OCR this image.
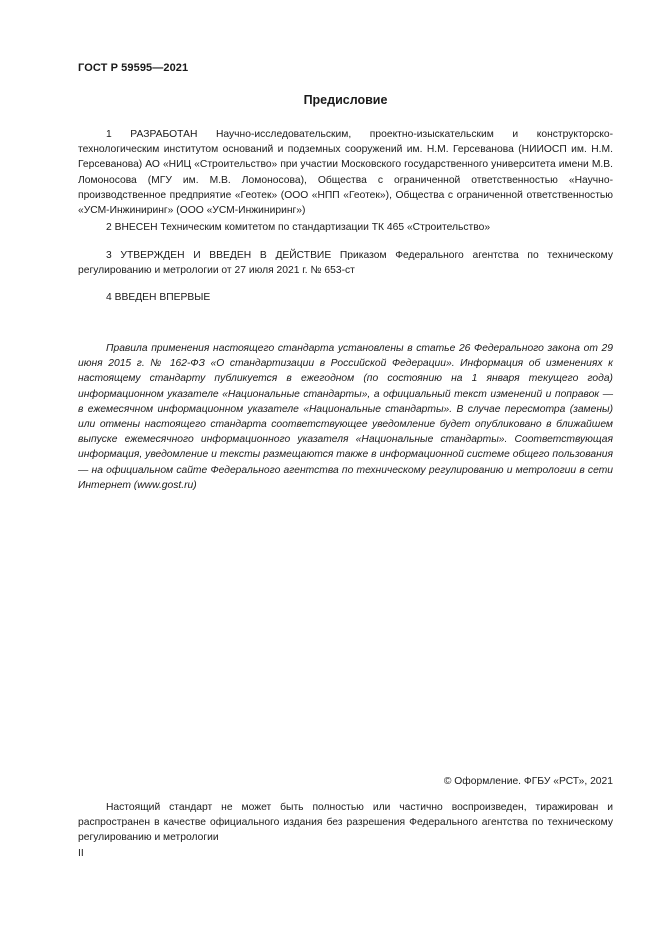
ГОСТ Р 59595—2021
Предисловие

1 РАЗРАБОТАН Научно-исследовательским, проектно-изыскательским и конструкторско-технологическим институтом оснований и подземных сооружений им. Н.М. Герсеванова (НИИОСП им. Н.М. Герсеванова) АО «НИЦ «Строительство» при участии Московского государственного университета имени М.В. Ломоносова (МГУ им. М.В. Ломоносова), Общества с ограниченной ответственностью «Научно-производственное предприятие «Геотек» (ООО «НПП «Геотек»), Общества с ограниченной ответственностью «УСМ-Инжиниринг» (ООО «УСМ-Инжиниринг»)

2 ВНЕСЕН Техническим комитетом по стандартизации ТК 465 «Строительство»

3 УТВЕРЖДЕН И ВВЕДЕН В ДЕЙСТВИЕ Приказом Федерального агентства по техническому регулированию и метрологии от 27 июля 2021 г. № 653-ст

4 ВВЕДЕН ВПЕРВЫЕ

Правила применения настоящего стандарта установлены в статье 26 Федерального закона от 29 июня 2015 г. № 162-ФЗ «О стандартизации в Российской Федерации». Информация об изменениях к настоящему стандарту публикуется в ежегодном (по состоянию на 1 января текущего года) информационном указателе «Национальные стандарты», а официальный текст изменений и поправок — в ежемесячном информационном указателе «Национальные стандарты». В случае пересмотра (замены) или отмены настоящего стандарта соответствующее уведомление будет опубликовано в ближайшем выпуске ежемесячного информационного указателя «Национальные стандарты». Соответствующая информация, уведомление и тексты размещаются также в информационной системе общего пользования — на официальном сайте Федерального агентства по техническому регулированию и метрологии в сети Интернет (www.gost.ru)

© Оформление. ФГБУ «РСТ», 2021

Настоящий стандарт не может быть полностью или частично воспроизведен, тиражирован и распространен в качестве официального издания без разрешения Федерального агентства по техническому регулированию и метрологии

II
